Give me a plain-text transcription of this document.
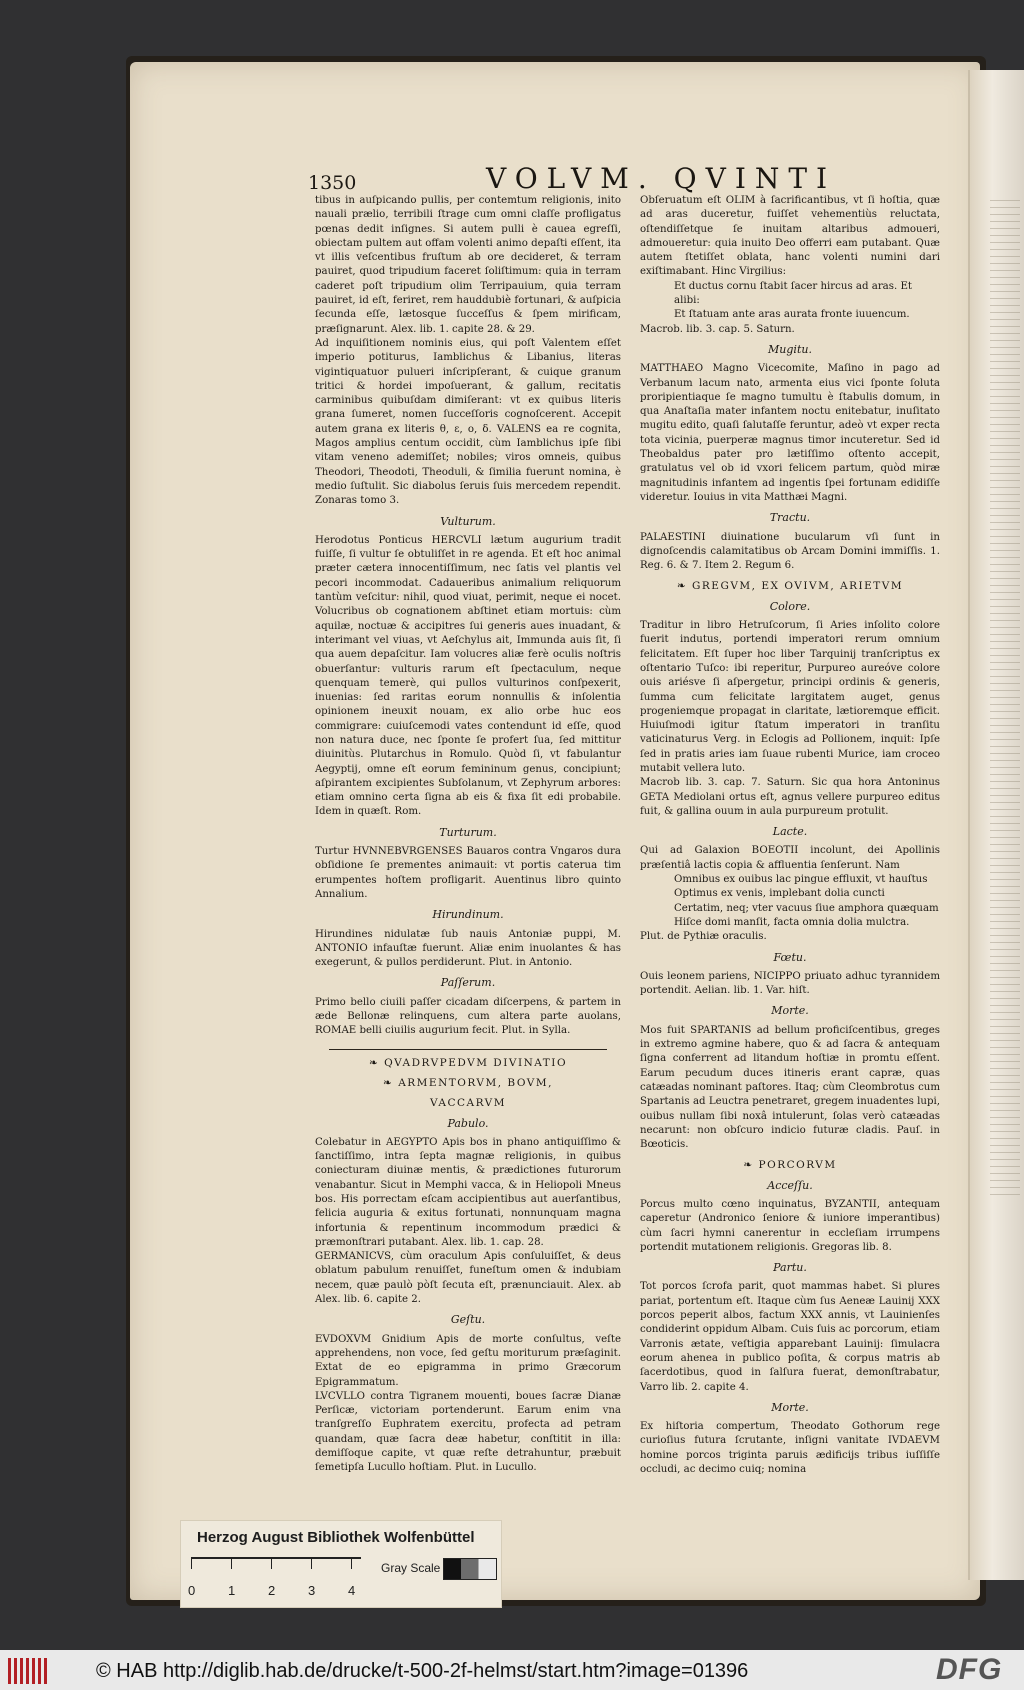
1350	VOLVM. QVINTI

tibus in auſpicando pullis, per contemtum religionis, inito nauali prælio, terribili ſtrage cum omni claſſe profligatus pœnas dedit inſignes. Si autem pulli è cauea egreſſi, obiectam pultem aut offam volenti animo depaſti eſſent, ita vt illis veſcentibus fruſtum ab ore decideret, & terram pauiret, quod tripudium faceret ſoliſtimum: quia in terram caderet poſt tripudium olim Terripauium, quia terram pauiret, id eſt, feriret, rem hauddubiè fortunari, & auſpicia ſecunda eſſe, lætosque ſucceſſus & ſpem mirificam, præſignarunt. Alex. lib. 1. capite 28. & 29.

Ad inquiſitionem nominis eius, qui poſt Valentem eſſet imperio potiturus, Iamblichus & Libanius, literas vigintiquatuor pulueri inſcripſerant, & cuique granum tritici & hordei impoſuerant, & gallum, recitatis carminibus quibuſdam dimiſerant: vt ex quibus literis grana ſumeret, nomen ſucceſſoris cognoſcerent. Accepit autem grana ex literis θ, ε, ο, δ. VALENS ea re cognita, Magos amplius centum occidit, cùm Iamblichus ipſe ſibi vitam veneno ademiſſet; nobiles; viros omneis, quibus Theodori, Theodoti, Theoduli, & ſimilia fuerunt nomina, è medio ſuſtulit. Sic diabolus ſeruis ſuis mercedem rependit. Zonaras tomo 3.

Vulturum.

Herodotus Ponticus HERCVLI lætum augurium tradit fuiſſe, ſi vultur ſe obtuliſſet in re agenda. Et eſt hoc animal præter cætera innocentiſſimum, nec ſatis vel plantis vel pecori incommodat. Cadaueribus animalium reliquorum tantùm veſcitur: nihil, quod viuat, perimit, neque ei nocet. Volucribus ob cognationem abſtinet etiam mortuis: cùm aquilæ, noctuæ & accipitres ſui generis aues inuadant, & interimant vel viuas, vt Aeſchylus ait, Immunda auis ſit, ſi qua auem depaſcitur. Iam volucres aliæ ferè oculis noſtris obuerſantur: vulturis rarum eſt ſpectaculum, neque quenquam temerè, qui pullos vulturinos conſpexerit, inuenias: ſed raritas eorum nonnullis & inſolentia opinionem ineuxit nouam, ex alio orbe huc eos commigrare: cuiuſcemodi vates contendunt id eſſe, quod non natura duce, nec ſponte ſe profert ſua, ſed mittitur diuinitùs. Plutarchus in Romulo. Quòd ſi, vt fabulantur Aegyptij, omne eſt eorum femininum genus, concipiunt; aſpirantem excipientes Subſolanum, vt Zephyrum arbores: etiam omnino certa ſigna ab eis & fixa ſit edi probabile. Idem in quæſt. Rom.

Turturum.

Turtur HVNNEBVRGENSES Bauaros contra Vngaros dura obſidione ſe prementes animauit: vt portis caterua tim erumpentes hoſtem profligarit. Auentinus libro quinto Annalium.

Hirundinum.

Hirundines nidulatæ ſub nauis Antoniæ puppi, M. ANTONIO infauſtæ fuerunt. Aliæ enim inuolantes & has exegerunt, & pullos perdiderunt. Plut. in Antonio.

Paſſerum.

Primo bello ciuili paſſer cicadam diſcerpens, & partem in æde Bellonæ relinquens, cum altera parte auolans, ROMAE belli ciuilis augurium fecit. Plut. in Sylla.

❧ QVADRVPEDVM DIVINATIO
❧ ARMENTORVM, BOVM,
VACCARVM
Pabulo.

Colebatur in AEGYPTO Apis bos in phano antiquiſſimo & ſanctiſſimo, intra ſepta magnæ religionis, in quibus coniecturam diuinæ mentis, & prædictiones futurorum venabantur. Sicut in Memphi vacca, & in Heliopoli Mneus bos. His porrectam eſcam accipientibus aut auerſantibus, felicia auguria & exitus fortunati, nonnunquam magna infortunia & repentinum incommodum prædici & præmonſtrari putabant. Alex. lib. 1. cap. 28.

GERMANICVS, cùm oraculum Apis conſuluiſſet, & deus oblatum pabulum renuiſſet, funeſtum omen & indubiam necem, quæ paulò pòſt ſecuta eſt, prænunciauit. Alex. ab Alex. lib. 6. capite 2.

Geſtu.

EVDOXVM Gnidium Apis de morte conſultus, veſte apprehendens, non voce, ſed geſtu moriturum præſaginit. Extat de eo epigramma in primo Græcorum Epigrammatum.

LVCVLLO contra Tigranem mouenti, boues ſacræ Dianæ Perſicæ, victoriam portenderunt. Earum enim vna tranſgreſſo Euphratem exercitu, profecta ad petram quandam, quæ ſacra deæ habetur, conſtitit in illa: demiſſoque capite, vt quæ reſte detrahuntur, præbuit ſemetipſa Lucullo hoſtiam. Plut. in Lucullo.

Obſeruatum eſt OLIM à ſacrificantibus, vt ſi hoſtia, quæ ad aras duceretur, fuiſſet vehementiùs reluctata, oſtendiſſetque ſe inuitam altaribus admoueri, admoueretur: quia inuito Deo offerri eam putabant. Quæ autem ſtetiſſet oblata, hanc volenti numini dari exiſtimabant. Hinc Virgilius:

Et ductus cornu ſtabit ſacer hircus ad aras. Et alibi:

Et ſtatuam ante aras aurata fronte iuuencum.

Macrob. lib. 3. cap. 5. Saturn.

Mugitu.

MATTHAEO Magno Vicecomite, Maſino in pago ad Verbanum lacum nato, armenta eius vici ſponte ſoluta proripientiaque ſe magno tumultu è ſtabulis domum, in qua Anaſtaſia mater infantem noctu enitebatur, inuſitato mugitu edito, quaſi ſalutaſſe feruntur, adeò vt exper recta tota vicinia, puerperæ magnus timor incuteretur. Sed id Theobaldus pater pro lætiſſimo oſtento accepit, gratulatus vel ob id vxori felicem partum, quòd miræ magnitudinis infantem ad ingentis ſpei fortunam edidiſſe videretur. Iouius in vita Matthæi Magni.

Tractu.

PALAESTINI diuinatione bucularum vſi ſunt in dignoſcendis calamitatibus ob Arcam Domini immiſſis. 1. Reg. 6. & 7. Item 2. Regum 6.

❧ GREGVM, EX OVIVM, ARIETVM
Colore.

Traditur in libro Hetruſcorum, ſi Aries inſolito colore fuerit indutus, portendi imperatori rerum omnium felicitatem. Eſt ſuper hoc liber Tarquinij tranſcriptus ex oſtentario Tuſco: ibi reperitur, Purpureo aureóve colore ouis ariésve ſi aſpergetur, principi ordinis & generis, ſumma cum felicitate largitatem auget, genus progeniemque propagat in claritate, lætioremque efficit. Huiuſmodi igitur ſtatum imperatori in tranſitu vaticinaturus Verg. in Eclogis ad Pollionem, inquit: Ipſe ſed in pratis aries iam ſuaue rubenti Murice, iam croceo mutabit vellera luto.

Macrob lib. 3. cap. 7. Saturn. Sic qua hora Antoninus GETA Mediolani ortus eſt, agnus vellere purpureo editus fuit, & gallina ouum in aula purpureum protulit.

Lacte.

Qui ad Galaxion BOEOTII incolunt, dei Apollinis præſentiâ lactis copia & affluentia ſenſerunt. Nam

Omnibus ex ouibus lac pingue effluxit, vt hauſtus

Optimus ex venis, implebant dolia cuncti

Certatim, neq; vter vacuus ſiue amphora quæquam

Hiſce domi manſit, facta omnia dolia mulctra.

Plut. de Pythiæ oraculis.

Fœtu.

Ouis leonem pariens, NICIPPO priuato adhuc tyrannidem portendit. Aelian. lib. 1. Var. hiſt.

Morte.

Mos fuit SPARTANIS ad bellum proficiſcentibus, greges in extremo agmine habere, quo & ad ſacra & antequam ſigna conferrent ad litandum hoſtiæ in promtu eſſent. Earum pecudum duces itineris erant capræ, quas catæadas nominant paſtores. Itaq; cùm Cleombrotus cum Spartanis ad Leuctra penetraret, gregem inuadentes lupi, ouibus nullam ſibi noxâ intulerunt, ſolas verò catæadas necarunt: non obſcuro indicio futuræ cladis. Pauſ. in Bœoticis.

❧ PORCORVM
Acceſſu.

Porcus multo cœno inquinatus, BYZANTII, antequam caperetur (Andronico ſeniore & iuniore imperantibus) cùm ſacri hymni canerentur in eccleſiam irrumpens portendit mutationem religionis. Gregoras lib. 8.

Partu.

Tot porcos ſcrofa parit, quot mammas habet. Si plures pariat, portentum eſt. Itaque cùm ſus Aeneæ Lauinij XXX porcos peperit albos, factum XXX annis, vt Lauinienſes condiderint oppidum Albam. Cuis ſuis ac porcorum, etiam Varronis ætate, veſtigia apparebant Lauinij: ſimulacra eorum ahenea in publico poſita, & corpus matris ab ſacerdotibus, quod in ſalſura fuerat, demonſtrabatur, Varro lib. 2. capite 4.

Morte.

Ex hiſtoria compertum, Theodato Gothorum rege curioſius futura ſcrutante, inſigni vanitate IVDAEVM homine porcos triginta paruis ædificijs tribus iuſſiſſe occludi, ac decimo cuiq; nomina

Herzog August Bibliothek Wolfenbüttel
0	1	2	3	4
Gray Scale
© HAB http://diglib.hab.de/drucke/t-500-2f-helmst/start.htm?image=01396	DFG
